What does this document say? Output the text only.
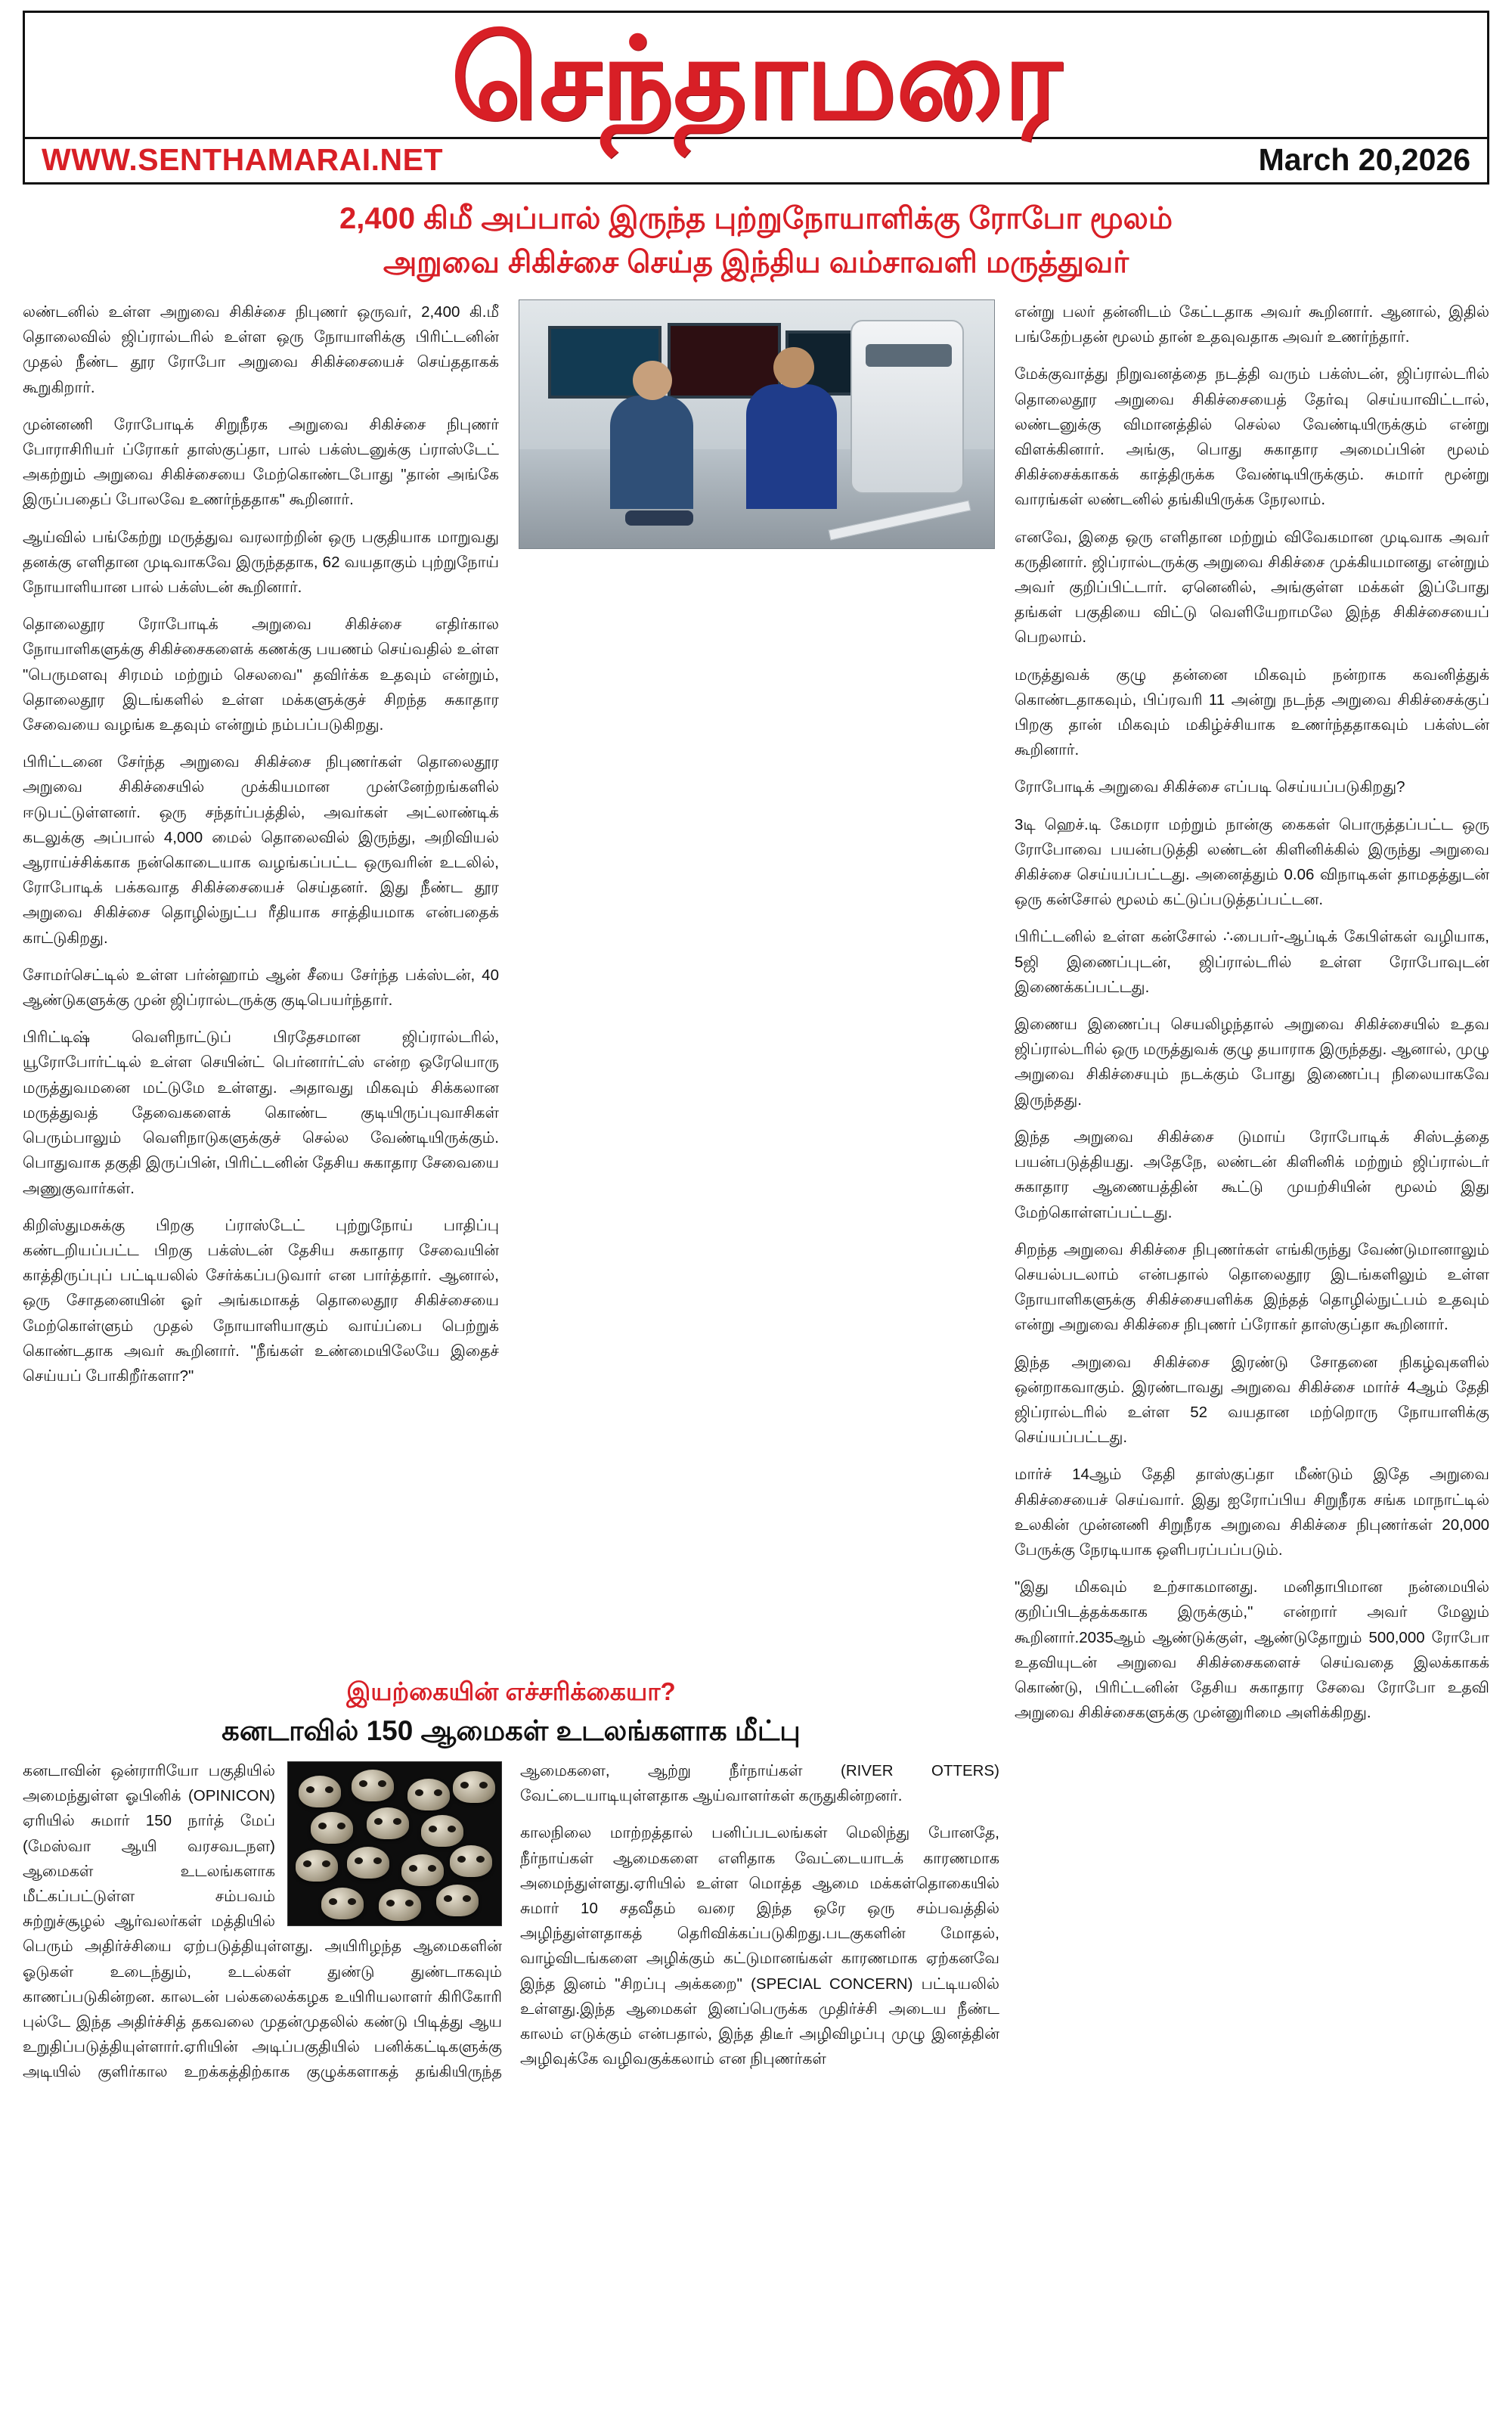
செந்தாமரை
WWW.SENTHAMARAI.NET	March 20,2026
2,400 கிமீ அப்பால் இருந்த புற்றுநோயாளிக்கு ரோபோ மூலம்
அறுவை சிகிச்சை செய்த இந்திய வம்சாவளி மருத்துவர்

லண்டனில் உள்ள அறுவை சிகிச்சை நிபுணர் ஒருவர், 2,400 கி.மீ தொலைவில் ஜிப்ரால்டரில் உள்ள ஒரு நோயாளிக்கு பிரிட்டனின் முதல் நீண்ட தூர ரோபோ அறுவை சிகிச்சையைச் செய்ததாகக் கூறுகிறார்.

முன்னணி ரோபோடிக் சிறுநீரக அறுவை சிகிச்சை நிபுணர் போராசிரியர் ப்ரோகர் தாஸ்குப்தா, பால் பக்ஸ்டனுக்கு ப்ராஸ்டேட் அகற்றும் அறுவை சிகிச்சையை மேற்கொண்டபோது "தான் அங்கே இருப்பதைப் போலவே உணர்ந்ததாக" கூறினார்.

ஆய்வில் பங்கேற்று மருத்துவ வரலாற்றின் ஒரு பகுதியாக மாறுவது தனக்கு எளிதான முடிவாகவே இருந்ததாக, 62 வயதாகும் புற்றுநோய் நோயாளியான பால் பக்ஸ்டன் கூறினார்.

தொலைதூர ரோபோடிக் அறுவை சிகிச்சை எதிர்கால நோயாளிகளுக்கு சிகிச்சைகளைக் கணக்கு பயணம் செய்வதில் உள்ள "பெருமளவு சிரமம் மற்றும் செலவை" தவிர்க்க உதவும் என்றும், தொலைதூர இடங்களில் உள்ள மக்களுக்குச் சிறந்த சுகாதார சேவையை வழங்க உதவும் என்றும் நம்பப்படுகிறது.

பிரிட்டனை சேர்ந்த அறுவை சிகிச்சை நிபுணர்கள் தொலைதூர அறுவை சிகிச்சையில் முக்கியமான முன்னேற்றங்களில் ஈடுபட்டுள்ளனர். ஒரு சந்தர்ப்பத்தில், அவர்கள் அட்லாண்டிக் கடலுக்கு அப்பால் 4,000 மைல் தொலைவில் இருந்து, அறிவியல் ஆராய்ச்சிக்காக நன்கொடையாக வழங்கப்பட்ட ஒருவரின் உடலில், ரோபோடிக் பக்கவாத சிகிச்சையைச் செய்தனர். இது நீண்ட தூர அறுவை சிகிச்சை தொழில்நுட்ப ரீதியாக சாத்தியமாக என்பதைக் காட்டுகிறது.

சோமர்செட்டில் உள்ள பர்ன்ஹாம் ஆன் சீயை சேர்ந்த பக்ஸ்டன், 40 ஆண்டுகளுக்கு முன் ஜிப்ரால்டருக்கு குடிபெயர்ந்தார்.

பிரிட்டிஷ் வெளிநாட்டுப் பிரதேசமான ஜிப்ரால்டரில், யூரோபோர்ட்டில் உள்ள செயின்ட் பெர்னார்ட்ஸ் என்ற ஒரேயொரு மருத்துவமனை மட்டுமே உள்ளது. அதாவது மிகவும் சிக்கலான மருத்துவத் தேவைகளைக் கொண்ட குடியிருப்புவாசிகள் பெரும்பாலும் வெளிநாடுகளுக்குச் செல்ல வேண்டியிருக்கும். பொதுவாக தகுதி இருப்பின், பிரிட்டனின் தேசிய சுகாதார சேவையை அணுகுவார்கள்.

கிறிஸ்துமசுக்கு பிறகு ப்ராஸ்டேட் புற்றுநோய் பாதிப்பு கண்டறியப்பட்ட பிறகு பக்ஸ்டன் தேசிய சுகாதார சேவையின் காத்திருப்புப் பட்டியலில் சேர்க்கப்படுவார் என பார்த்தார். ஆனால், ஒரு சோதனையின் ஓர் அங்கமாகத் தொலைதூர சிகிச்சையை மேற்கொள்ளும் முதல் நோயாளியாகும் வாய்ப்பை பெற்றுக் கொண்டதாக அவர் கூறினார். "நீங்கள் உண்மையிலேயே இதைச் செய்யப் போகிறீர்களா?"

என்று பலர் தன்னிடம் கேட்டதாக அவர் கூறினார். ஆனால், இதில் பங்கேற்பதன் மூலம் தான் உதவுவதாக அவர் உணர்ந்தார்.

மேக்குவாத்து நிறுவனத்தை நடத்தி வரும் பக்ஸ்டன், ஜிப்ரால்டரில் தொலைதூர அறுவை சிகிச்சையைத் தேர்வு செய்யாவிட்டால், லண்டனுக்கு விமானத்தில் செல்ல வேண்டியிருக்கும் என்று விளக்கினார். அங்கு, பொது சுகாதார அமைப்பின் மூலம் சிகிச்சைக்காகக் காத்திருக்க வேண்டியிருக்கும். சுமார் மூன்று வாரங்கள் லண்டனில் தங்கியிருக்க நேரலாம்.

எனவே, இதை ஒரு எளிதான மற்றும் விவேகமான முடிவாக அவர் கருதினார். ஜிப்ரால்டருக்கு அறுவை சிகிச்சை முக்கியமானது என்றும் அவர் குறிப்பிட்டார். ஏனெனில், அங்குள்ள மக்கள் இப்போது தங்கள் பகுதியை விட்டு வெளியேறாமலே இந்த சிகிச்சையைப் பெறலாம்.

மருத்துவக் குழு தன்னை மிகவும் நன்றாக கவனித்துக் கொண்டதாகவும், பிப்ரவரி 11 அன்று நடந்த அறுவை சிகிச்சைக்குப் பிறகு தான் மிகவும் மகிழ்ச்சியாக உணர்ந்ததாகவும் பக்ஸ்டன் கூறினார்.

ரோபோடிக் அறுவை சிகிச்சை எப்படி செய்யப்படுகிறது?

3டி ஹெச்.டி கேமரா மற்றும் நான்கு கைகள் பொருத்தப்பட்ட ஒரு ரோபோவை பயன்படுத்தி லண்டன் கிளினிக்கில் இருந்து அறுவை சிகிச்சை செய்யப்பட்டது. அனைத்தும் 0.06 விநாடிகள் தாமதத்துடன் ஒரு கன்சோல் மூலம் கட்டுப்படுத்தப்பட்டன.

பிரிட்டனில் உள்ள கன்சோல் ∴பைபர்-ஆப்டிக் கேபிள்கள் வழியாக, 5ஜி இணைப்புடன், ஜிப்ரால்டரில் உள்ள ரோபோவுடன் இணைக்கப்பட்டது.

இணைய இணைப்பு செயலிழந்தால் அறுவை சிகிச்சையில் உதவ ஜிப்ரால்டரில் ஒரு மருத்துவக் குழு தயாராக இருந்தது. ஆனால், முழு அறுவை சிகிச்சையும் நடக்கும் போது இணைப்பு நிலையாகவே இருந்தது.

இந்த அறுவை சிகிச்சை டுமாய் ரோபோடிக் சிஸ்டத்தை பயன்படுத்தியது. அதேநே, லண்டன் கிளினிக் மற்றும் ஜிப்ரால்டர் சுகாதார ஆணையத்தின் கூட்டு முயற்சியின் மூலம் இது மேற்கொள்ளப்பட்டது.

சிறந்த அறுவை சிகிச்சை நிபுணர்கள் எங்கிருந்து வேண்டுமானாலும் செயல்படலாம் என்பதால் தொலைதூர இடங்களிலும் உள்ள நோயாளிகளுக்கு சிகிச்சையளிக்க இந்தத் தொழில்நுட்பம் உதவும் என்று அறுவை சிகிச்சை நிபுணர் ப்ரோகர் தாஸ்குப்தா கூறினார்.

இந்த அறுவை சிகிச்சை இரண்டு சோதனை நிகழ்வுகளில் ஒன்றாகவாகும். இரண்டாவது அறுவை சிகிச்சை மார்ச் 4ஆம் தேதி ஜிப்ரால்டரில் உள்ள 52 வயதான மற்றொரு நோயாளிக்கு செய்யப்பட்டது.

மார்ச் 14ஆம் தேதி தாஸ்குப்தா மீண்டும் இதே அறுவை சிகிச்சையைச் செய்வார். இது ஐரோப்பிய சிறுநீரக சங்க மாநாட்டில் உலகின் முன்னணி சிறுநீரக அறுவை சிகிச்சை நிபுணர்கள் 20,000 பேருக்கு நேரடியாக ஒளிபரப்பப்படும்.

"இது மிகவும் உற்சாகமானது. மனிதாபிமான நன்மையில் குறிப்பிடத்தக்ககாக இருக்கும்," என்றார் அவர் மேலும் கூறினார்.2035ஆம் ஆண்டுக்குள், ஆண்டுதோறும் 500,000 ரோபோ உதவியுடன் அறுவை சிகிச்சைகளைச் செய்வதை இலக்காகக் கொண்டு, பிரிட்டனின் தேசிய சுகாதார சேவை ரோபோ உதவி அறுவை சிகிச்சைகளுக்கு முன்னுரிமை அளிக்கிறது.

இயற்கையின் எச்சரிக்கையா?
கனடாவில் 150 ஆமைகள் உடலங்களாக மீட்பு

கனடாவின் ஒன்ராரியோ பகுதியில் அமைந்துள்ள ஓபினிக் (OPINICON) ஏரியில் சுமார் 150 நார்த் மேப் (மேஸ்வா ஆயி வரசவடநள) ஆமைகள் உடலங்களாக மீட்கப்பட்டுள்ள சம்பவம் சுற்றுச்சூழல் ஆர்வலர்கள் மத்தியில் பெரும் அதிர்ச்சியை ஏற்படுத்தியுள்ளது. அயிரிழந்த ஆமைகளின் ஓடுகள் உடைந்தும், உடல்கள் துண்டு துண்டாகவும் காணப்படுகின்றன. காலடன் பல்கலைக்கழக உயிரியலாளர் கிரிகோரி புல்டே இந்த அதிர்ச்சித் தகவலை முதன்முதலில் கண்டு பிடித்து ஆய உறுதிப்படுத்தியுள்ளார்.ஏரியின் அடிப்பகுதியில் பனிக்கட்டிகளுக்கு அடியில் குளிர்கால உறக்கத்திற்காக குழுக்களாகத் தங்கியிருந்த ஆமைகளை, ஆற்று நீர்நாய்கள் (RIVER OTTERS) வேட்டையாடியுள்ளதாக ஆய்வாளர்கள் கருதுகின்றனர்.

காலநிலை மாற்றத்தால் பனிப்படலங்கள் மெலிந்து போனதே, நீர்நாய்கள் ஆமைகளை எளிதாக வேட்டையாடக் காரணமாக அமைந்துள்ளது.ஏரியில் உள்ள மொத்த ஆமை மக்கள்தொகையில் சுமார் 10 சதவீதம் வரை இந்த ஒரே ஒரு சம்பவத்தில் அழிந்துள்ளதாகத் தெரிவிக்கப்படுகிறது.படகுகளின் மோதல், வாழ்விடங்களை அழிக்கும் கட்டுமானங்கள் காரணமாக ஏற்கனவே இந்த இனம் "சிறப்பு அக்கறை" (SPECIAL CONCERN) பட்டியலில் உள்ளது.இந்த ஆமைகள் இனப்பெருக்க முதிர்ச்சி அடைய நீண்ட காலம் எடுக்கும் என்பதால், இந்த திடீர் அழிவிழப்பு முழு இனத்தின் அழிவுக்கே வழிவகுக்கலாம் என நிபுணர்கள்
